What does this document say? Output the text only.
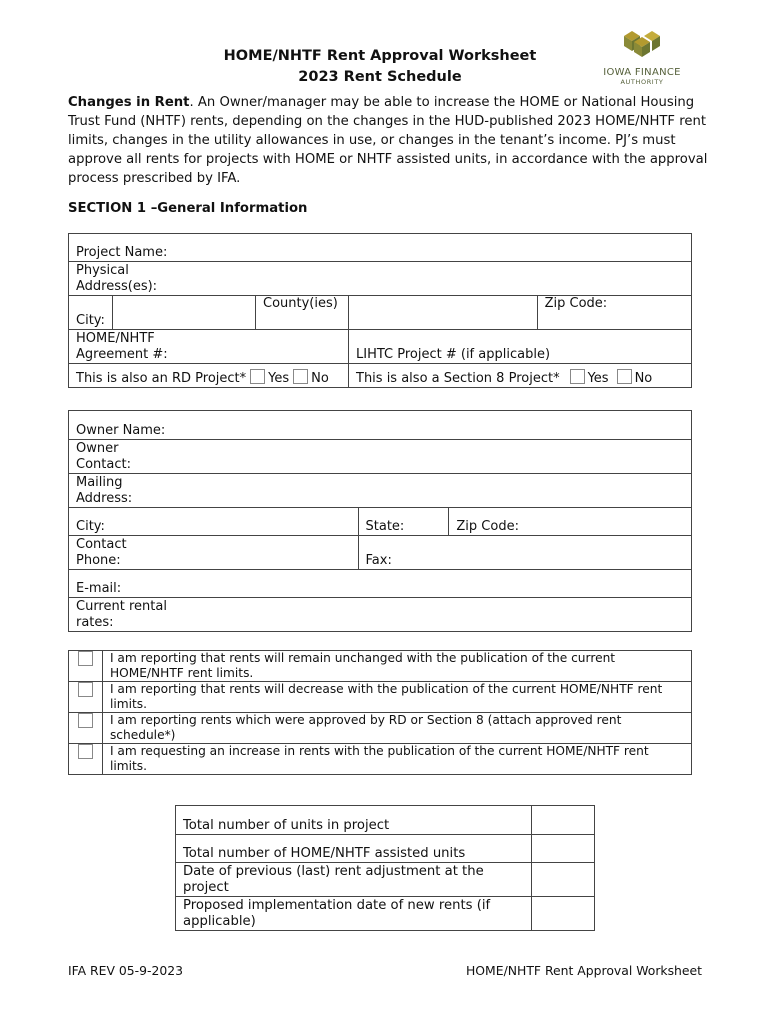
HOME/NHTF Rent Approval Worksheet
2023 Rent Schedule	IOWA FINANCE
AUTHORITY
Changes in Rent. An Owner/manager may be able to increase the HOME or National Housing Trust Fund (NHTF) rents, depending on the changes in the HUD-published 2023 HOME/NHTF rent limits, changes in the utility allowances in use, or changes in the tenant’s income. PJ’s must approve all rents for projects with HOME or NHTF assisted units, in accordance with the approval process prescribed by IFA.
SECTION 1 –General Information
Project Name:				

Physical Address(es):				

City:		County(ies)		Zip Code:

HOME/NHTF Agreement #:			LIHTC Project # (if applicable)	
This is also an RD Project* Yes No			This is also a Section 8 Project* Yes No	
Owner Name:		

Owner Contact:		

Mailing Address:		

City:	State:	Zip Code:

Contact Phone:	Fax:	

E-mail:		

Current rental rates:		
	I am reporting that rents will remain unchanged with the publication of the current HOME/NHTF rent limits.
	I am reporting that rents will decrease with the publication of the current HOME/NHTF rent limits.
	I am reporting rents which were approved by RD or Section 8 (attach approved rent schedule*)
	I am requesting an increase in rents with the publication of the current HOME/NHTF rent limits.
Total number of units in project	
Total number of HOME/NHTF assisted units	
Date of previous (last) rent adjustment at the project	
Proposed implementation date of new rents (if applicable)	
IFA REV 05-9-2023	HOME/NHTF Rent Approval Worksheet
